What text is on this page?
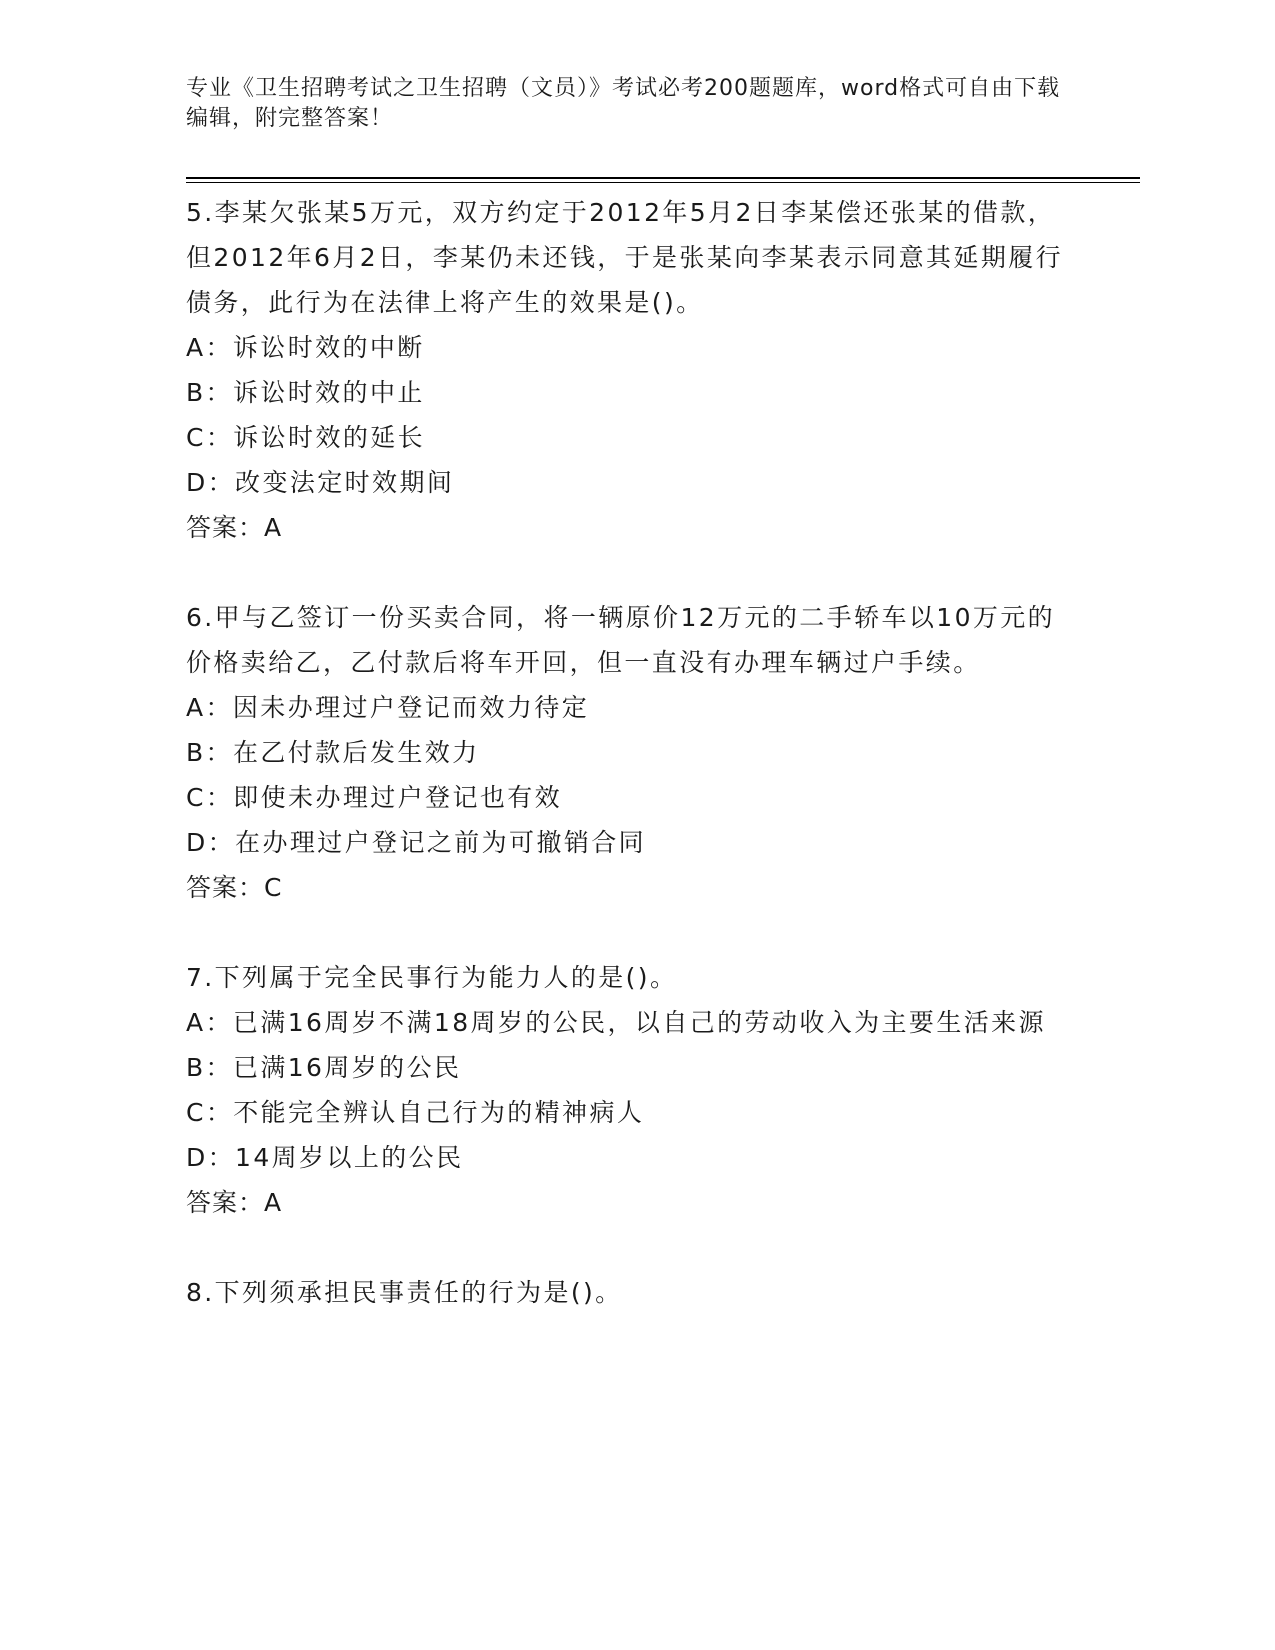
专业《卫生招聘考试之卫生招聘（文员）》考试必考200题题库，word格式可自由下载编辑，附完整答案！

5.李某欠张某5万元，双方约定于2012年5月2日李某偿还张某的借款，但2012年6月2日，李某仍未还钱，于是张某向李某表示同意其延期履行债务，此行为在法律上将产生的效果是()。

A：诉讼时效的中断

B：诉讼时效的中止

C：诉讼时效的延长

D：改变法定时效期间

答案：A

6.甲与乙签订一份买卖合同，将一辆原价12万元的二手轿车以10万元的价格卖给乙，乙付款后将车开回，但一直没有办理车辆过户手续。

A：因未办理过户登记而效力待定

B：在乙付款后发生效力

C：即使未办理过户登记也有效

D：在办理过户登记之前为可撤销合同

答案：C

7.下列属于完全民事行为能力人的是()。

A：已满16周岁不满18周岁的公民，以自己的劳动收入为主要生活来源

B：已满16周岁的公民

C：不能完全辨认自己行为的精神病人

D：14周岁以上的公民

答案：A

8.下列须承担民事责任的行为是()。
